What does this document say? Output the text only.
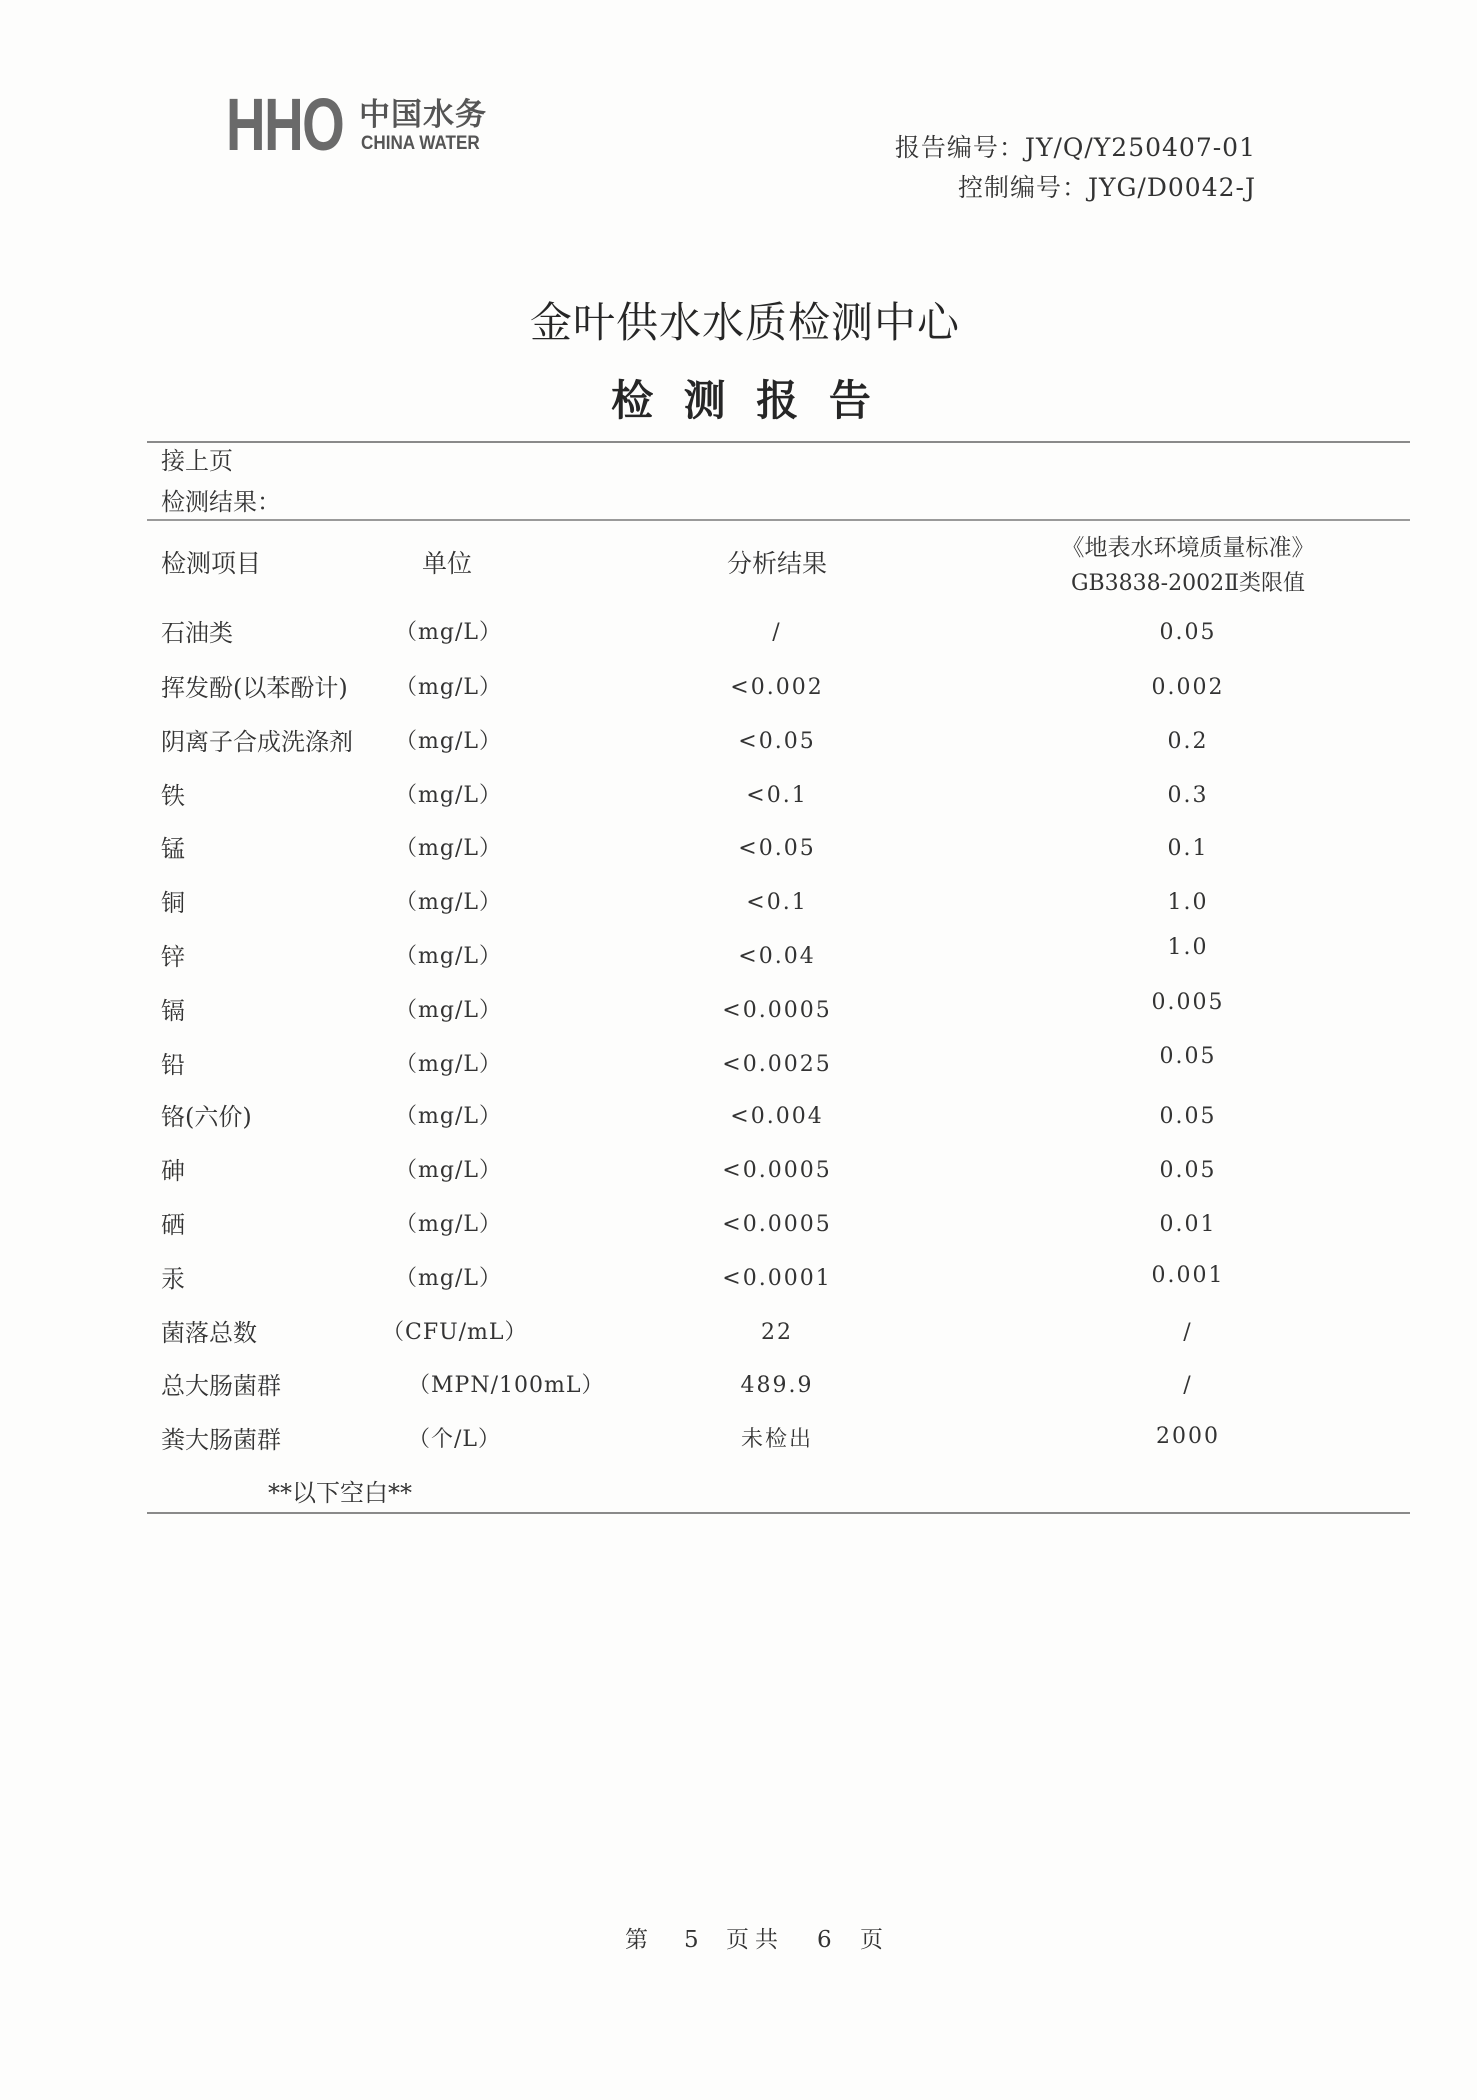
HHO 中国水务
CHINA WATER	报告编号：JY/Q/Y250407-01
控制编号：JYG/D0042-J
金叶供水水质检测中心
检 测 报 告
接上页
检测结果：
检测项目	单位	分析结果
《地表水环境质量标准》
GB3838-2002Ⅱ类限值
石油类	（mg/L）	/	0.05
挥发酚(以苯酚计) （mg/L）	<0.002	0.002
阴离子合成洗涤剂 （mg/L）	<0.05	0.2
铁	（mg/L）	<0.1	0.3
锰	（mg/L）	<0.05	0.1
铜	（mg/L）	<0.1	1.0
锌	（mg/L）	<0.04	1.0
镉	（mg/L）	<0.0005	0.005
铅	（mg/L）	<0.0025	0.05
铬(六价)	（mg/L）	<0.004	0.05
砷	（mg/L）	<0.0005	0.05
硒	（mg/L）	<0.0005	0.01
汞	（mg/L）	<0.0001	0.001
菌落总数	（CFU/mL）	22	/
总大肠菌群	（MPN/100mL）	489.9	/
粪大肠菌群	（个/L）	未检出	2000
**以下空白**
第 5 页共 6 页
